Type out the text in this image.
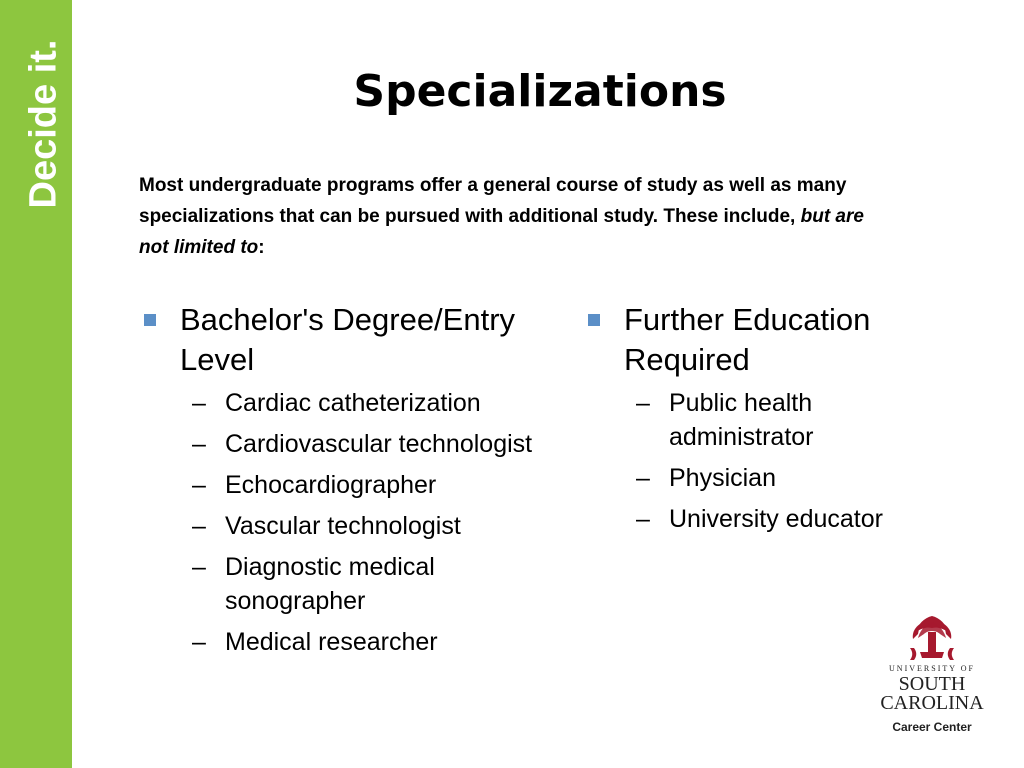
Decide it.	Specializations
Most undergraduate programs offer a general course of study as well as many specializations that can be pursued with additional study. These include, but are not limited to:
Bachelor's Degree/Entry Level
– Cardiac catheterization
– Cardiovascular technologist
– Echocardiographer
– Vascular technologist
– Diagnostic medical sonographer
– Medical researcher
Further Education Required
– Public health administrator
– Physician
– University educator
UNIVERSITY OF
SOUTH
CAROLINA
Career Center
